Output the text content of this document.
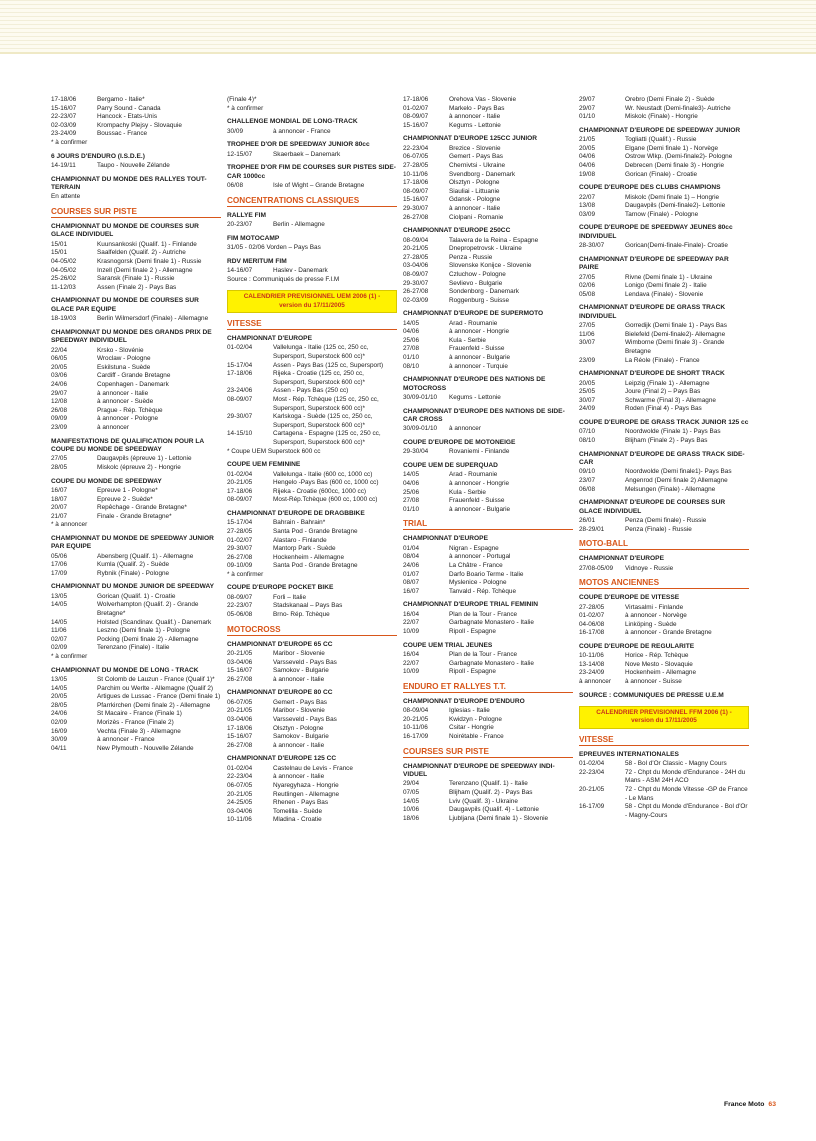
17-18/06	Bergamo - Italie*
15-16/07	Parry Sound - Canada
22-23/07	Hancock - Etats-Unis
02-03/09	Krompachy Plejsy - Slovaquie
23-24/09	Boussac - France
* à confirmer
6 JOURS D'ENDURO (I.S.D.E.)
14-19/11	Taupo - Nouvelle Zélande
CHAMPIONNAT DU MONDE DES RALLYES TOUT-TERRAIN
En attente
COURSES SUR PISTE
CHAMPIONNAT DU MONDE DE COURSES SUR GLACE INDIVIDUEL
15/01	Kuunsankoski (Qualif. 1) - Finlande
15/01	Saalfelden (Qualif. 2) - Autriche
04-05/02	Krasnogorsk (Demi finale 1) - Russie
04-05/02	Inzell (Demi finale 2 ) - Allemagne
25-26/02	Saransk (Finale 1) - Russie
11-12/03	Assen (Finale 2) - Pays Bas
CHAMPIONNAT DU MONDE DE COURSES SUR GLACE PAR EQUIPE
18-19/03	Berlin Wilmersdorf (Finale) - Allemagne
CHAMPIONNAT DU MONDE DES GRANDS PRIX DE SPEEDWAY INDIVIDUEL
22/04	Krsko - Slovénie
06/05	Wroclaw - Pologne
20/05	Eskilstuna - Suède
03/06	Cardiff - Grande Bretagne
24/06	Copenhagen - Danemark
29/07	à annoncer - Italie
12/08	à annoncer - Suède
26/08	Prague - Rép. Tchèque
09/09	à annoncer - Pologne
23/09	à annoncer
MANIFESTATIONS DE QUALIFICATION POUR LA COUPE DU MONDE DE SPEEDWAY
27/05	Daugavpils (épreuve 1) - Lettonie
28/05	Miskolc (épreuve 2) - Hongrie
COUPE DU MONDE DE SPEEDWAY
16/07	Epreuve 1 - Pologne*
18/07	Epreuve 2 - Suède*
20/07	Repêchage - Grande Bretagne*
21/07	Finale - Grande Bretagne*
* à annoncer
CHAMPIONNAT DU MONDE DE SPEEDWAY JUNIOR PAR EQUIPE
05/06	Abensberg (Qualif. 1) - Allemagne
17/06	Kumla (Qualif. 2) - Suède
17/09	Rybnik (Finale) - Pologne
CHAMPIONNAT DU MONDE JUNIOR DE SPEEDWAY
13/05	Gorican (Qualif. 1) - Croatie
14/05	Wolverhampton (Qualif. 2) - Grande Bretagne*
14/05	Holsted (Scandinav. Qualif.) - Danemark
11/06	Leszno (Demi finale 1) - Pologne
02/07	Pocking (Demi finale 2) - Allemagne
02/09	Terenzano (Finale) - Italie
* à confirmer
CHAMPIONNAT DU MONDE DE LONG - TRACK
13/05	St Colomb de Lauzun - France (Qualif 1)*
14/05	Parchim ou Werlte - Allemagne (Qualif 2)
20/05	Artigues de Lussac - France (Demi finale 1)
28/05	Pfarrkirchen (Demi finale 2) - Allemagne
24/06	St Macaire - France (Finale 1)
02/09	Morizès - France (Finale 2)
16/09	Vechta (Finale 3) - Allemagne
30/09	à annoncer - France
04/11	New Plymouth - Nouvelle Zélande
(Finale 4)*
* à confirmer
CHALLENGE MONDIAL DE LONG-TRACK
30/09	à annoncer - France
TROPHEE D'OR DE SPEEDWAY JUNIOR 80cc
12-15/07	Skaerbaek – Danemark
TROPHEE D'OR FIM DE COURSES SUR PISTES SIDE-CAR 1000cc
06/08	Isle of Wight – Grande Bretagne
CONCENTRATIONS CLASSIQUES
RALLYE FIM
20-23/07	Berlin - Allemagne
FIM MOTOCAMP
31/05 - 02/06 Vorden – Pays Bas
RDV MERITUM FIM
14-16/07	Haslev - Danemark
Source : Communiqués de presse F.I.M
CALENDRIER PREVISIONNEL UEM 2006 (1) - version du 17/11/2005
VITESSE
CHAMPIONNAT D'EUROPE
01-02/04	Vallelunga - Italie (125 cc, 250 cc, Supersport, Superstock 600 cc)*
15-17/04	Assen - Pays Bas (125 cc, Supersport)
17-18/06	Rijeka - Croatie (125 cc, 250 cc, Supersport, Superstock 600 cc)*
23-24/06	Assen - Pays Bas (250 cc)
08-09/07	Most - Rép. Tchèque (125 cc, 250 cc, Supersport, Superstock 600 cc)*
29-30/07	Karlskoga - Suède (125 cc, 250 cc, Supersport, Superstock 600 cc)*
14-15/10	Cartagena - Espagne (125 cc, 250 cc, Supersport, Superstock 600 cc)*
* Coupe UEM Superstock 600 cc
COUPE UEM FEMININE
01-02/04	Vallelunga - Italie (600 cc, 1000 cc)
20-21/05	Hengelo -Pays Bas (600 cc, 1000 cc)
17-18/06	Rijeka - Croatie (600cc, 1000 cc)
08-09/07	Most-Rép.Tchèque (600 cc, 1000 cc)
CHAMPIONNAT D'EUROPE DE DRAGBBIKE
15-17/04	Bahrain - Bahrain*
27-28/05	Santa Pod - Grande Bretagne
01-02/07	Alastaro - Finlande
29-30/07	Mantorp Park - Suède
26-27/08	Hockenheim - Allemagne
09-10/09	Santa Pod - Grande Bretagne
* à confirmer
COUPE D'EUROPE POCKET BIKE
08-09/07	Forli – Italie
22-23/07	Stadskanaal – Pays Bas
05-06/08	Brno- Rép. Tchèque
MOTOCROSS
CHAMPIONNAT D'EUROPE 65 CC
20-21/05	Maribor - Slovenie
03-04/06	Varsseveld - Pays Bas
15-16/07	Samokov - Bulgarie
26-27/08	à annoncer - Italie
CHAMPIONNAT D'EUROPE 80 CC
06-07/05	Gemert - Pays Bas
20-21/05	Maribor - Slovenie
03-04/06	Varsseveld - Pays Bas
17-18/06	Olsztyn - Pologne
15-16/07	Samokov - Bulgarie
26-27/08	à annoncer - Italie
CHAMPIONNAT D'EUROPE 125 CC
01-02/04	Castelnau de Levis - France
22-23/04	à annoncer - Italie
06-07/05	Nyaregyhaza - Hongrie
20-21/05	Reutlingen - Allemagne
24-25/05	Rhenen - Pays Bas
03-04/06	Tomelilla - Suède
10-11/06	Mladina - Croatie
17-18/06	Orehova Vas - Slovenie
01-02/07	Markelo - Pays Bas
08-09/07	à annoncer - Italie
15-16/07	Kegums - Lettonie
CHAMPIONNAT D'EUROPE 125CC JUNIOR
22-23/04	Brezice - Slovenie
06-07/05	Gemert - Pays Bas
27-28/05	Chernivtsi - Ukraine
10-11/06	Svendborg - Danemark
17-18/06	Olsztyn - Pologne
08-09/07	Siauliai - Littuanie
15-16/07	Gdansk - Pologne
29-30/07	à annoncer - Italie
26-27/08	Ciolpani - Romanie
CHAMPIONNAT D'EUROPE 250CC
08-09/04	Talavera de la Reina - Espagne
20-21/05	Dnepropetrovsk - Ukraine
27-28/05	Penza - Russie
03-04/06	Slovenske Konijce - Slovenie
08-09/07	Czluchow - Pologne
29-30/07	Sevlievo - Bulgarie
26-27/08	Sondenborg - Danemark
02-03/09	Roggenburg - Suisse
CHAMPIONNAT D'EUROPE DE SUPERMOTO
14/05	Arad - Roumanie
04/06	à annoncer - Hongrie
25/06	Kula - Serbie
27/08	Frauenfeld - Suisse
01/10	à annoncer - Bulgarie
08/10	à annoncer - Turquie
CHAMPIONNAT D'EUROPE DES NATIONS DE MOTOCROSS
30/09-01/10	Kegums - Lettonie
CHAMPIONNAT D'EUROPE DES NATIONS DE SIDE-CAR CROSS
30/09-01/10	à annoncer
COUPE D'EUROPE DE MOTONEIGE
29-30/04	Rovaniemi - Finlande
COUPE UEM DE SUPERQUAD
14/05	Arad - Roumanie
04/06	à annoncer - Hongrie
25/06	Kula - Serbie
27/08	Frauenfeld - Suisse
01/10	à annoncer - Bulgarie
TRIAL
CHAMPIONNAT D'EUROPE
01/04	Nigran - Espagne
08/04	à annoncer - Portugal
24/06	La Châtre - France
01/07	Darfo Boario Terme - Italie
08/07	Myslenice - Pologne
16/07	Tanvald - Rép. Tchèque
CHAMPIONNAT D'EUROPE TRIAL FEMININ
16/04	Plan de la Tour - France
22/07	Garbagnate Monastero - Italie
10/09	Ripoll - Espagne
COUPE UEM TRIAL JEUNES
16/04	Plan de la Tour - France
22/07	Garbagnate Monastero - Italie
10/09	Ripoll - Espagne
ENDURO ET RALLYES T.T.
CHAMPIONNAT D'EUROPE D'ENDURO
08-09/04	Iglesias - Italie
20-21/05	Kwidzyn - Pologne
10-11/06	Csitar - Hongrie
16-17/09	Noirétable - France
COURSES SUR PISTE
CHAMPIONNAT D'EUROPE DE SPEEDWAY INDI-VIDUEL
29/04	Terenzano (Qualif. 1) - Italie
07/05	Blijham (Qualif. 2) - Pays Bas
14/05	Lviv (Qualif. 3) - Ukraine
10/06	Daugavpils (Qualif. 4) - Lettonie
18/06	Ljubljana (Demi finale 1) - Slovenie
29/07	Orebro (Demi Finale 2) - Suède
29/07	Wr. Neustadt (Demi-finale3)- Autriche
01/10	Miskolc (Finale) - Hongrie
CHAMPIONNAT D'EUROPE DE SPEEDWAY JUNIOR
21/05	Togliatti (Qualif.) - Russie
20/05	Elgane (Demi finale 1) - Norvège
04/06	Ostrow Wlkp. (Demi-finale2)- Pologne
04/06	Debrecen (Demi finale 3) - Hongrie
19/08	Gorican (Finale) - Croatie
COUPE D'EUROPE DES CLUBS CHAMPIONS
22/07	Miskolc (Demi finale 1) – Hongrie
13/08	Daugavpils (Demi-finale2)- Lettonie
03/09	Tarnow (Finale) - Pologne
COUPE D'EUROPE DE SPEEDWAY JEUNES 80cc INDIVIDUEL
28-30/07	Gorican(Demi-finale-Finale)- Croatie
CHAMPIONNAT D'EUROPE DE SPEEDWAY PAR PAIRE
27/05	Rivne (Demi finale 1) - Ukraine
02/06	Lonigo (Demi finale 2) - Italie
05/08	Lendava (Finale) - Slovenie
CHAMPIONNAT D'EUROPE DE GRASS TRACK INDIVIDUEL
27/05	Gorredijk (Demi finale 1) - Pays Bas
11/06	Bielefeld (Demi-finale2)- Allemagne
30/07	Wimborne (Demi finale 3) - Grande Bretagne
23/09	La Réole (Finale) - France
CHAMPIONNAT D'EUROPE DE SHORT TRACK
20/05	Leipzig (Finale 1) - Allemagne
25/05	Joure (Final 2) – Pays Bas
30/07	Schwarme (Final 3) - Allemagne
24/09	Roden (Final 4) - Pays Bas
COUPE D'EUROPE DE GRASS TRACK JUNIOR 125 cc
07/10	Noordwolde (Finale 1) - Pays Bas
08/10	Blijham (Finale 2) - Pays Bas
CHAMPIONNAT D'EUROPE DE GRASS TRACK SIDE-CAR
09/10	Noordwolde (Demi finale1)- Pays Bas
23/07	Angenrod (Demi finale 2) Allemagne
06/08	Melsungen (Finale) - Allemagne
CHAMPIONNAT D'EUROPE DE COURSES SUR GLACE INDIVIDUEL
26/01	Penza (Demi finale) - Russie
28-29/01	Penza (Finale) - Russie
MOTO-BALL
CHAMPIONNAT D'EUROPE
27/08-05/09	Vidnoye - Russie
MOTOS ANCIENNES
COUPE D'EUROPE DE VITESSE
27-28/05	Virtasalmi - Finlande
01-02/07	à annoncer - Norvège
04-06/08	Linköping - Suède
16-17/08	à annoncer - Grande Bretagne
COUPE D'EUROPE DE REGULARITE
10-11/06	Horice - Rép. Tchèque
13-14/08	Nove Mesto - Slovaquie
23-24/09	Hockenheim - Allemagne
à annoncer	à annoncer - Suisse
SOURCE : COMMUNIQUES DE PRESSE U.E.M
CALENDRIER PREVISIONNEL FFM 2006 (1) - version du 17/11/2005
VITESSE
EPREUVES INTERNATIONALES
01-02/04	58 - Bol d'Or Classic - Magny Cours
22-23/04	72 - Chpt du Monde d'Endurance - 24H du Mans - ASM 24H ACO
20-21/05	72 - Chpt du Monde Vitesse -GP de France - Le Mans
16-17/09	58 - Chpt du Monde d'Endurance - Bol d'Or - Magny-Cours
France Moto 63
